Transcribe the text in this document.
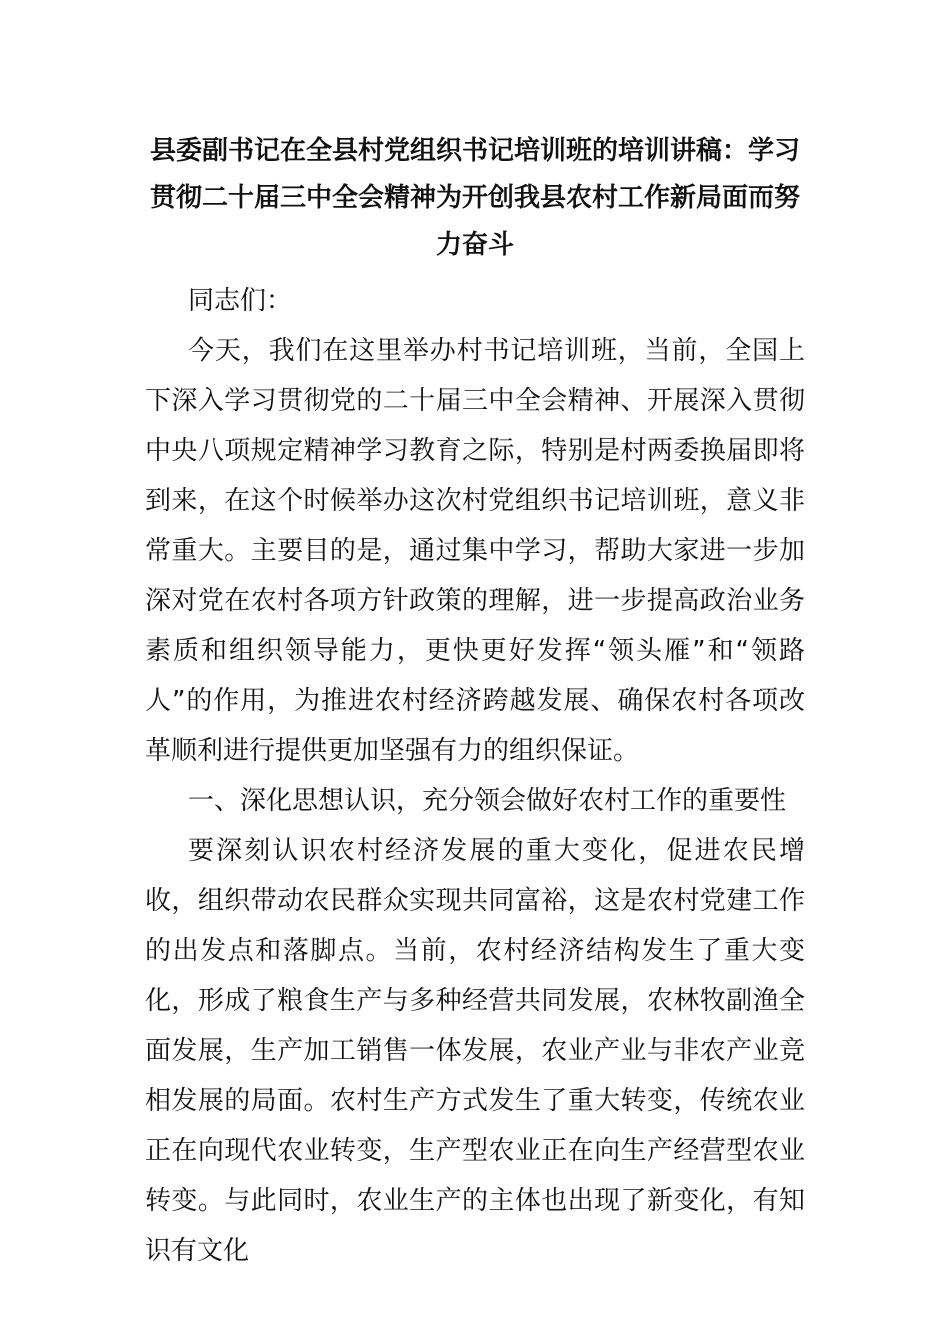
县委副书记在全县村党组织书记培训班的培训讲稿：学习贯彻二十届三中全会精神为开创我县农村工作新局面而努力奋斗

同志们：

今天，我们在这里举办村书记培训班，当前，全国上下深入学习贯彻党的二十届三中全会精神、开展深入贯彻中央八项规定精神学习教育之际，特别是村两委换届即将到来，在这个时候举办这次村党组织书记培训班，意义非常重大。主要目的是，通过集中学习，帮助大家进一步加深对党在农村各项方针政策的理解，进一步提高政治业务素质和组织领导能力，更快更好发挥“领头雁”和“领路人”的作用，为推进农村经济跨越发展、确保农村各项改革顺利进行提供更加坚强有力的组织保证。

一、深化思想认识，充分领会做好农村工作的重要性

要深刻认识农村经济发展的重大变化，促进农民增收，组织带动农民群众实现共同富裕，这是农村党建工作的出发点和落脚点。当前，农村经济结构发生了重大变化，形成了粮食生产与多种经营共同发展，农林牧副渔全面发展，生产加工销售一体发展，农业产业与非农产业竞相发展的局面。农村生产方式发生了重大转变，传统农业正在向现代农业转变，生产型农业正在向生产经营型农业转变。与此同时，农业生产的主体也出现了新变化，有知识有文化
